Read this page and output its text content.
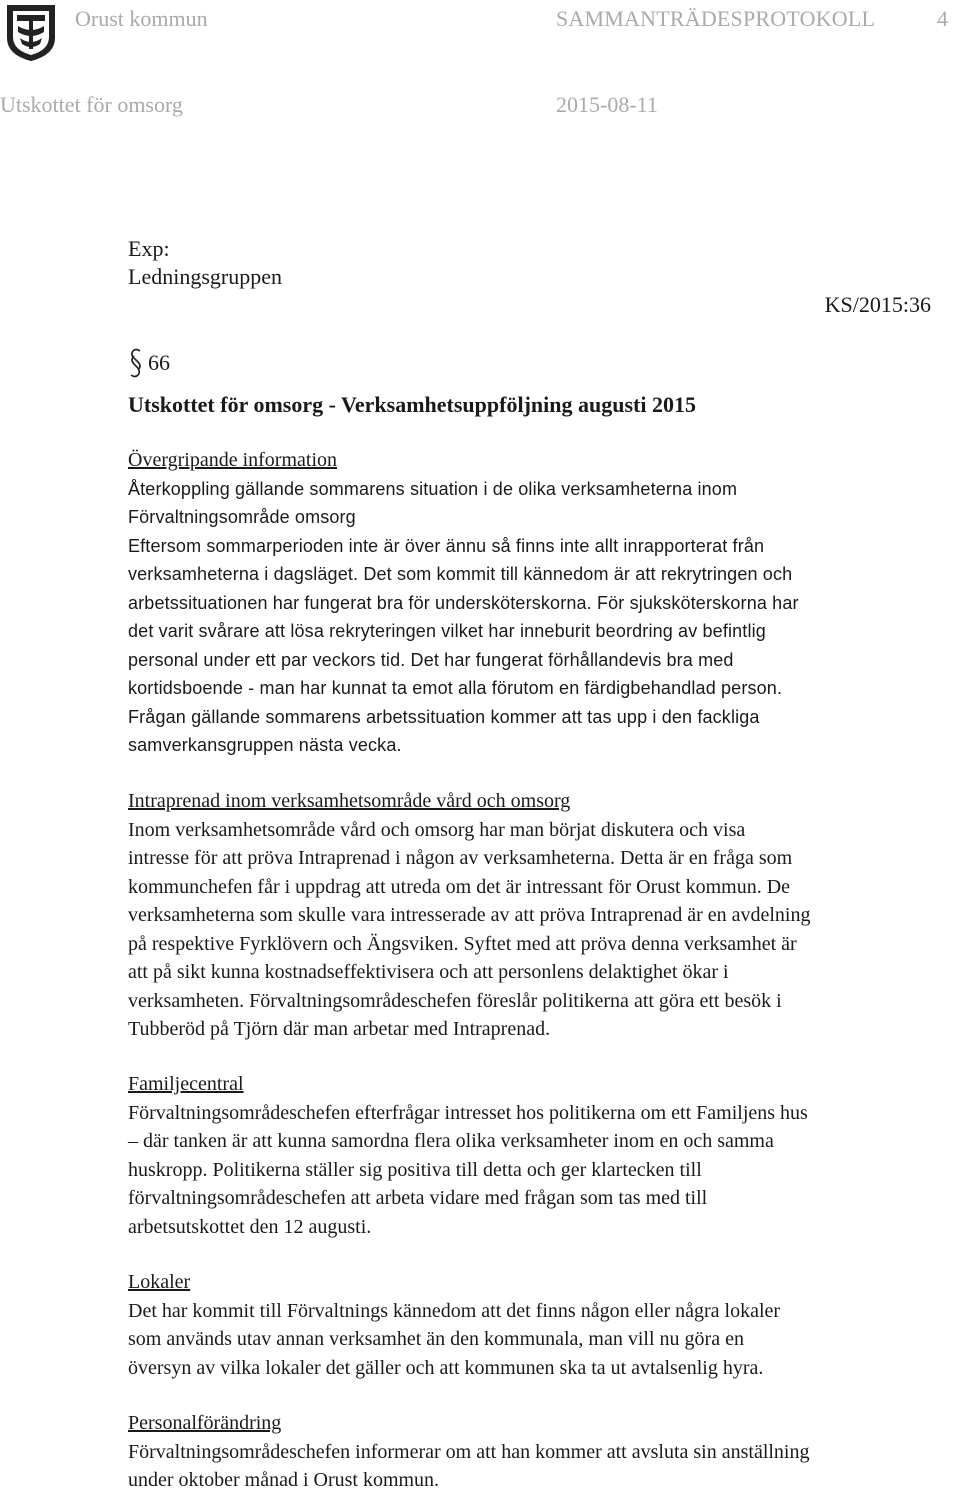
Orust kommun	SAMMANTRÄDESPROTOKOLL	4
Utskottet för omsorg	2015-08-11
Exp:
Ledningsgruppen
KS/2015:36
66
Utskottet för omsorg - Verksamhetsuppföljning augusti 2015

Övergripande information

Återkoppling gällande sommarens situation i de olika verksamheterna inom

Förvaltningsområde omsorg

Eftersom sommarperioden inte är över ännu så finns inte allt inrapporterat från

verksamheterna i dagsläget. Det som kommit till kännedom är att rekrytringen och

arbetssituationen har fungerat bra för undersköterskorna. För sjuksköterskorna har

det varit svårare att lösa rekryteringen vilket har inneburit beordring av befintlig

personal under ett par veckors tid. Det har fungerat förhållandevis bra med

kortidsboende - man har kunnat ta emot alla förutom en färdigbehandlad person.

Frågan gällande sommarens arbetssituation kommer att tas upp i den fackliga

samverkansgruppen nästa vecka.

Intraprenad inom verksamhetsområde vård och omsorg

Inom verksamhetsområde vård och omsorg har man börjat diskutera och visa

intresse för att pröva Intraprenad i någon av verksamheterna. Detta är en fråga som

kommunchefen får i uppdrag att utreda om det är intressant för Orust kommun. De

verksamheterna som skulle vara intresserade av att pröva Intraprenad är en avdelning

på respektive Fyrklövern och Ängsviken. Syftet med att pröva denna verksamhet är

att på sikt kunna kostnadseffektivisera och att personlens delaktighet ökar i

verksamheten. Förvaltningsområdeschefen föreslår politikerna att göra ett besök i

Tubberöd på Tjörn där man arbetar med Intraprenad.

Familjecentral

Förvaltningsområdeschefen efterfrågar intresset hos politikerna om ett Familjens hus

– där tanken är att kunna samordna flera olika verksamheter inom en och samma

huskropp. Politikerna ställer sig positiva till detta och ger klartecken till

förvaltningsområdeschefen att arbeta vidare med frågan som tas med till

arbetsutskottet den 12 augusti.

Lokaler

Det har kommit till Förvaltnings kännedom att det finns någon eller några lokaler

som används utav annan verksamhet än den kommunala, man vill nu göra en

översyn av vilka lokaler det gäller och att kommunen ska ta ut avtalsenlig hyra.

Personalförändring

Förvaltningsområdeschefen informerar om att han kommer att avsluta sin anställning

under oktober månad i Orust kommun.
